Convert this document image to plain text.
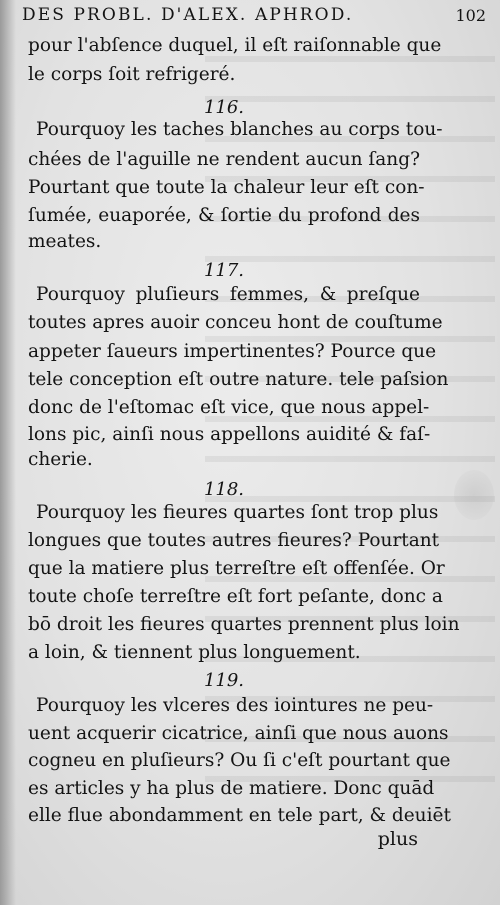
DES PROBL. D'ALEX. APHROD.	102
pour l'abſence duquel, il eſt raiſonnable que
le corps ſoit refrigeré.
116.
Pourquoy les taches blanches au corps tou-
chées de l'aguille ne rendent aucun ſang?
Pourtant que toute la chaleur leur eſt con-
ſumée, euaporée, & ſortie du profond des
meates.
117.
Pourquoy pluſieurs femmes, & preſque
toutes apres auoir conceu hont de couſtume
appeter ſaueurs impertinentes? Pource que
tele conception eſt outre nature. tele paſsion
donc de l'eſtomac eſt vice, que nous appel-
lons pic, ainſi nous appellons auidité & faſ-
cherie.
118.
Pourquoy les fieures quartes ſont trop plus
longues que toutes autres fieures? Pourtant
que la matiere plus terreſtre eſt offenſée. Or
toute choſe terreſtre eſt fort peſante, donc a
bō droit les fieures quartes prennent plus loin
a loin, & tiennent plus longuement.
119.
Pourquoy les vlceres des iointures ne peu-
uent acquerir cicatrice, ainſi que nous auons
cogneu en pluſieurs? Ou ſi c'eſt pourtant que
es articles y ha plus de matiere. Donc quād
elle flue abondamment en tele part, & deuiēt
plus
